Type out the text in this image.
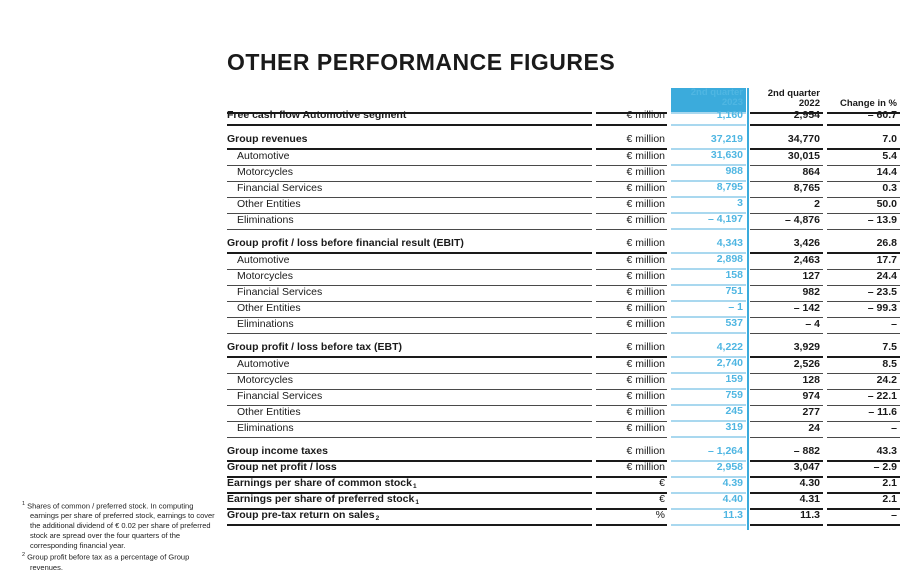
OTHER PERFORMANCE FIGURES
2nd quarter 2023
2nd quarter 2022	Change in %
Free cash flow Automotive segment	€ million	1,160	2,954	– 60.7
Group revenues	€ million	37,219	34,770	7.0
Automotive	€ million	31,630	30,015	5.4
Motorcycles	€ million	988	864	14.4
Financial Services	€ million	8,795	8,765	0.3
Other Entities	€ million	3	2	50.0
Eliminations	€ million	– 4,197	– 4,876	– 13.9
Group profit / loss before financial result (EBIT)	€ million	4,343	3,426	26.8
Automotive	€ million	2,898	2,463	17.7
Motorcycles	€ million	158	127	24.4
Financial Services	€ million	751	982	– 23.5
Other Entities	€ million	– 1	– 142	– 99.3
Eliminations	€ million	537	– 4	–
Group profit / loss before tax (EBT)	€ million	4,222	3,929	7.5
Automotive	€ million	2,740	2,526	8.5
Motorcycles	€ million	159	128	24.2
Financial Services	€ million	759	974	– 22.1
Other Entities	€ million	245	277	– 11.6
Eliminations	€ million	319	24	–
Group income taxes	€ million	– 1,264	– 882	43.3
Group net profit / loss	€ million	2,958	3,047	– 2.9
Earnings per share of common stock$_1$	€	4.39	4.30	2.1
Earnings per share of preferred stock$_1$	€	4.40	4.31	2.1
Group pre-tax return on sales$_2$	%	11.3	11.3	–

$^1$ Shares of common / preferred stock. In computing earnings per share of preferred stock, earnings to cover the additional dividend of € 0.02 per share of preferred stock are spread over the four quarters of the corresponding financial year.

$^2$ Group profit before tax as a percentage of Group revenues.
